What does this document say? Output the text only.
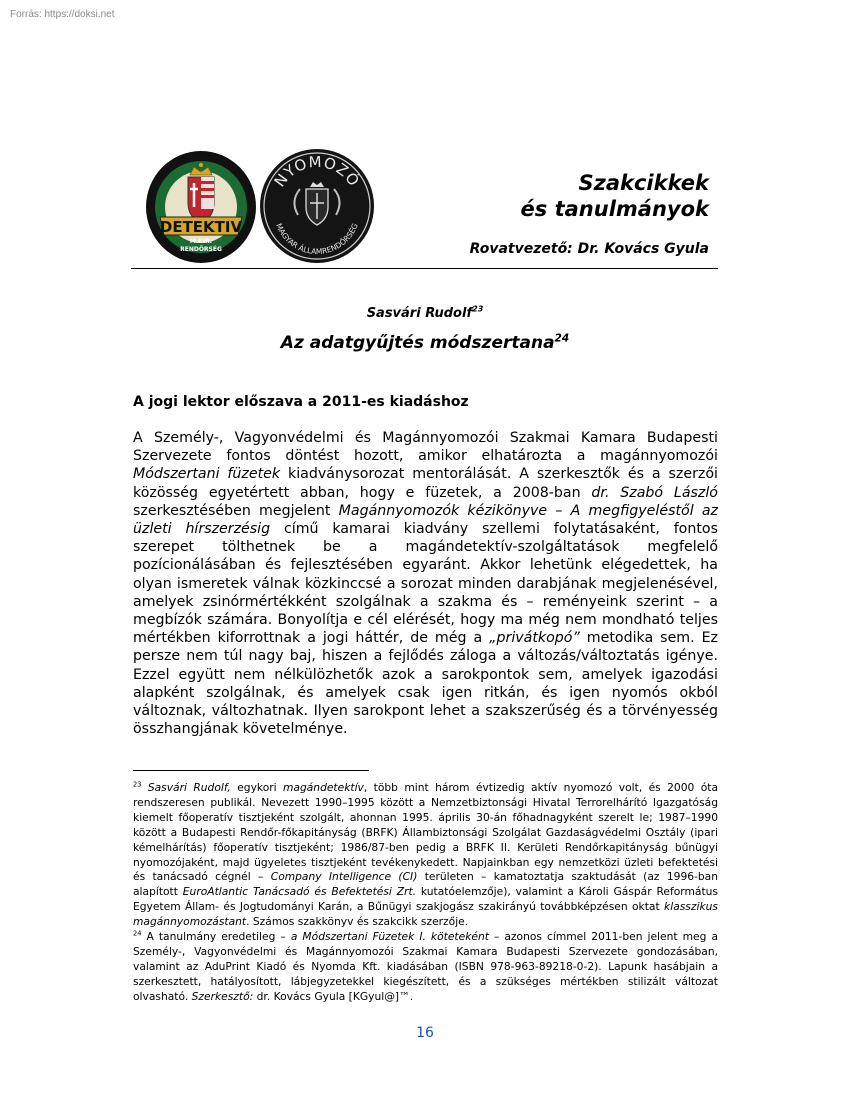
Forrás: https://doksi.net
DETEKTIV
M.KIR.
RENDŐRSÉG
NYOMOZÓ
MAGYAR ÁLLAMRENDŐRSÉG
Szakcikkek
és tanulmányok
Rovatvezető: Dr. Kovács Gyula
Sasvári Rudolf$^{23}$
Az adatgyűjtés módszertana$^{24}$
A jogi lektor előszava a 2011-es kiadáshoz
A Személy-, Vagyonvédelmi és Magánnyomozói Szakmai Kamara Budapesti Szervezete fontos döntést hozott, amikor elhatározta a magánnyomozói Módszertani füzetek kiadványsorozat mentorálását. A szerkesztők és a szerzői közösség egyetértett abban, hogy e füzetek, a 2008-ban dr. Szabó László szerkesztésében megjelent Magánnyomozók kézikönyve – A megfigyeléstől az üzleti hírszerzésig című kamarai kiadvány szellemi folytatásaként, fontos szerepet tölthetnek be a magándetektív-szolgáltatások megfelelő pozícionálásában és fejlesztésében egyaránt. Akkor lehetünk elégedettek, ha olyan ismeretek válnak közkinccsé a sorozat minden darabjának megjelenésével, amelyek zsinórmértékként szolgálnak a szakma és – reményeink szerint – a megbízók számára. Bonyolítja e cél elérését, hogy ma még nem mondható teljes mértékben kiforrottnak a jogi háttér, de még a „privátkopó” metodika sem. Ez persze nem túl nagy baj, hiszen a fejlődés záloga a változás/változtatás igénye. Ezzel együtt nem nélkülözhetők azok a sarokpontok sem, amelyek igazodási alapként szolgálnak, és amelyek csak igen ritkán, és igen nyomós okból változnak, változhatnak. Ilyen sarokpont lehet a szakszerűség és a törvényesség összhangjának követelménye.

$^{23}$ Sasvári Rudolf, egykori magándetektív, több mint három évtizedig aktív nyomozó volt, és 2000 óta rendszeresen publikál. Nevezett 1990–1995 között a Nemzetbiztonsági Hivatal Terrorelhárító Igazgatóság kiemelt főoperatív tisztjeként szolgált, ahonnan 1995. április 30-án főhadnagyként szerelt le; 1987–1990 között a Budapesti Rendőr-főkapitányság (BRFK) Állambiztonsági Szolgálat Gazdaságvédelmi Osztály (ipari kémelhárítás) főoperatív tisztjeként; 1986/87-ben pedig a BRFK II. Kerületi Rendőrkapitányság bűnügyi nyomozójaként, majd ügyeletes tisztjeként tevékenykedett. Napjainkban egy nemzetközi üzleti befektetési és tanácsadó cégnél – Company Intelligence (CI) területen – kamatoztatja szaktudását (az 1996-ban alapított EuroAtlantic Tanácsadó és Befektetési Zrt. kutatóelemzője), valamint a Károli Gáspár Református Egyetem Állam- és Jogtudományi Karán, a Bűnügyi szakjogász szakirányú továbbképzésen oktat klasszikus magánnyomozástant. Számos szakkönyv és szakcikk szerzője.

$^{24}$ A tanulmány eredetileg – a Módszertani Füzetek I. köteteként – azonos címmel 2011-ben jelent meg a Személy-, Vagyonvédelmi és Magánnyomozói Szakmai Kamara Budapesti Szervezete gondozásában, valamint az AduPrint Kiadó és Nyomda Kft. kiadásában (ISBN 978-963-89218-0-2). Lapunk hasábjain a szerkesztett, hatályosított, lábjegyzetekkel kiegészített, és a szükséges mértékben stilizált változat olvasható. Szerkesztő: dr. Kovács Gyula [KGyul@]™.

16
